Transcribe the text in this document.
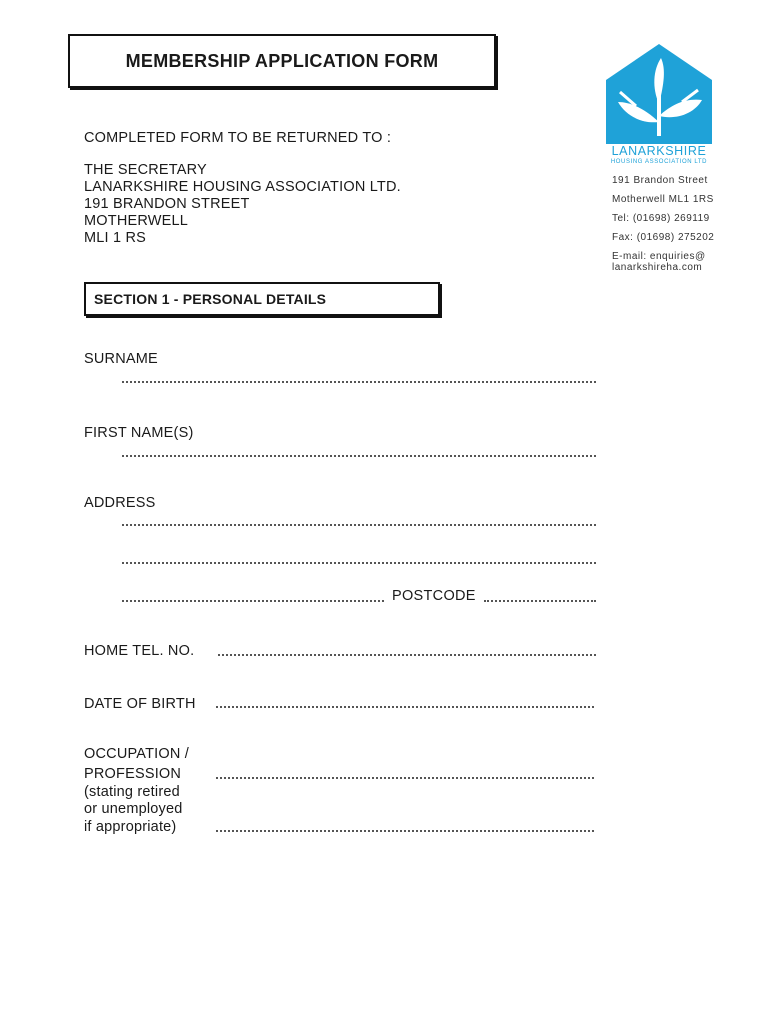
MEMBERSHIP APPLICATION FORM
COMPLETED FORM TO BE RETURNED TO :
THE SECRETARY
LANARKSHIRE HOUSING ASSOCIATION LTD.
191 BRANDON STREET
MOTHERWELL
MLI 1 RS
LANARKSHIRE
HOUSING ASSOCIATION LTD
191 Brandon Street
Motherwell ML1 1RS
Tel: (01698) 269119
Fax: (01698) 275202
E-mail: enquiries@
lanarkshireha.com
SECTION 1 - PERSONAL DETAILS
SURNAME
FIRST NAME(S)
ADDRESS
POSTCODE
HOME TEL. NO.
DATE OF BIRTH
OCCUPATION /
PROFESSION
(stating retired
or unemployed
if appropriate)
